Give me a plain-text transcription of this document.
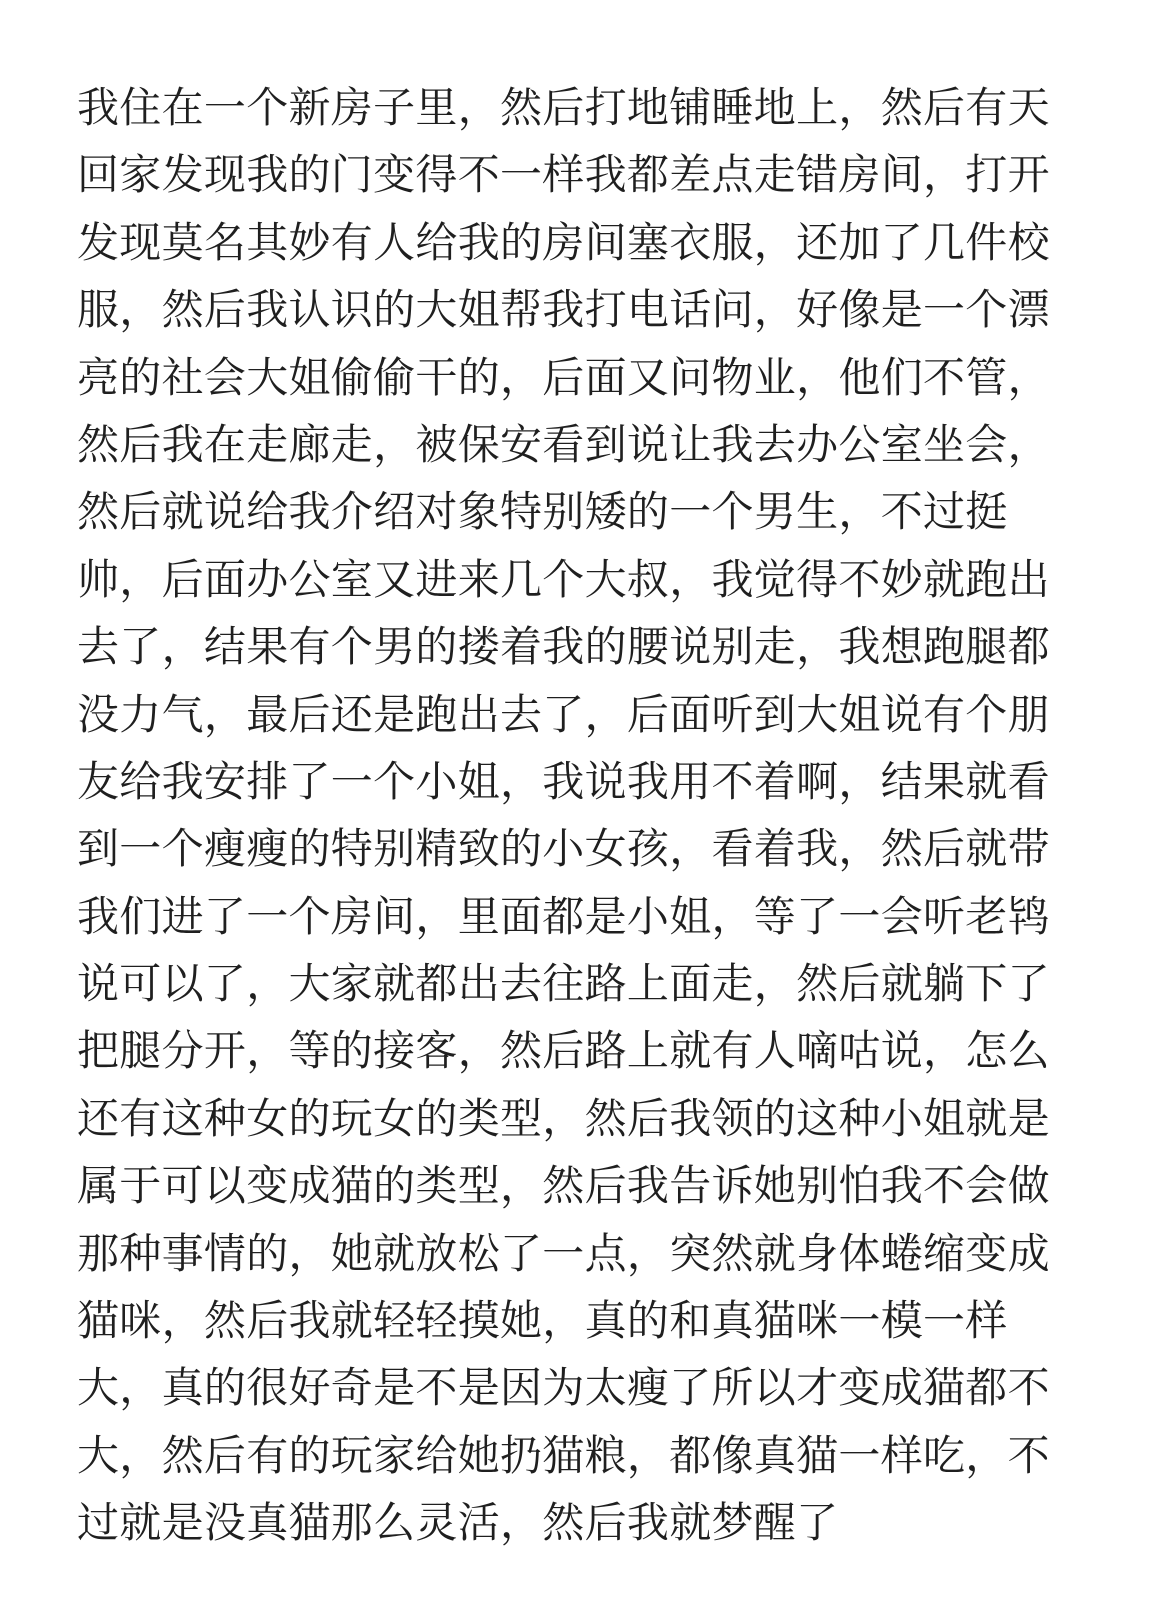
我住在一个新房子里，然后打地铺睡地上，然后有天
回家发现我的门变得不一样我都差点走错房间，打开
发现莫名其妙有人给我的房间塞衣服，还加了几件校
服，然后我认识的大姐帮我打电话问，好像是一个漂
亮的社会大姐偷偷干的，后面又问物业，他们不管，
然后我在走廊走，被保安看到说让我去办公室坐会，
然后就说给我介绍对象特别矮的一个男生，不过挺
帅，后面办公室又进来几个大叔，我觉得不妙就跑出
去了，结果有个男的搂着我的腰说别走，我想跑腿都
没力气，最后还是跑出去了，后面听到大姐说有个朋
友给我安排了一个小姐，我说我用不着啊，结果就看
到一个瘦瘦的特别精致的小女孩，看着我，然后就带
我们进了一个房间，里面都是小姐，等了一会听老鸨
说可以了，大家就都出去往路上面走，然后就躺下了
把腿分开，等的接客，然后路上就有人嘀咕说，怎么
还有这种女的玩女的类型，然后我领的这种小姐就是
属于可以变成猫的类型，然后我告诉她别怕我不会做
那种事情的，她就放松了一点，突然就身体蜷缩变成
猫咪，然后我就轻轻摸她，真的和真猫咪一模一样
大，真的很好奇是不是因为太瘦了所以才变成猫都不
大，然后有的玩家给她扔猫粮，都像真猫一样吃，不
过就是没真猫那么灵活，然后我就梦醒了
